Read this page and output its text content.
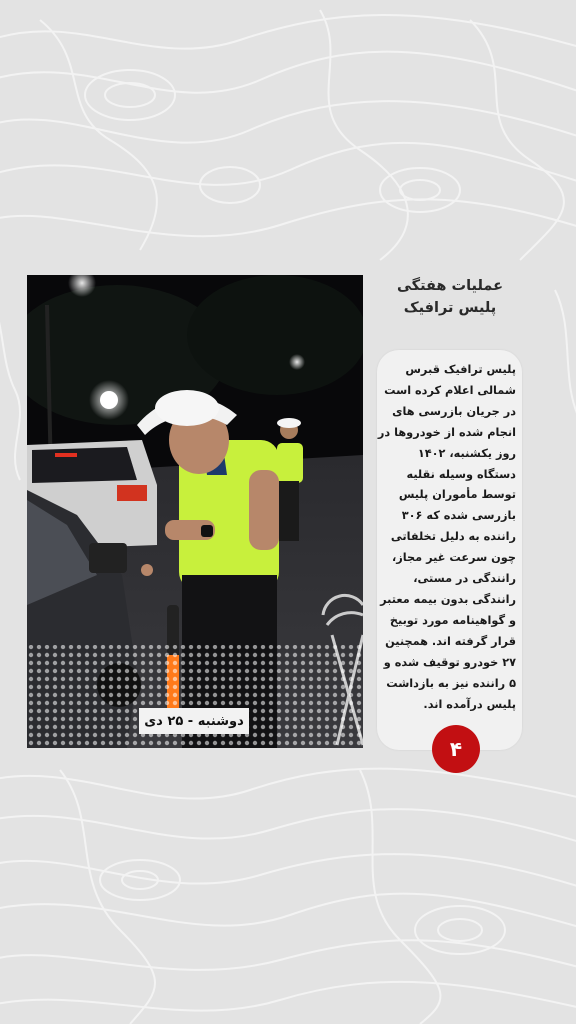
دوشنبه - ۲۵ دی
عملیات هفتگی
پلیس ترافیک
پلیس ترافیک قبرس
شمالی اعلام کرده است
در جریان بازرسی های
انجام شده از خودروها در
روز یکشنبه، ۱۴۰۲
دستگاه وسیله نقلیه
توسط مأموران پلیس
بازرسی شده که ۳۰۶
راننده به دلیل تخلفاتی
چون سرعت غیر مجاز،
رانندگی در مستی،
رانندگی بدون بیمه معتبر
و گواهینامه مورد توبیخ
قرار گرفته اند. همچنین
۲۷ خودرو توقیف شده و
۵ راننده نیز به بازداشت
پلیس درآمده اند.
۴
